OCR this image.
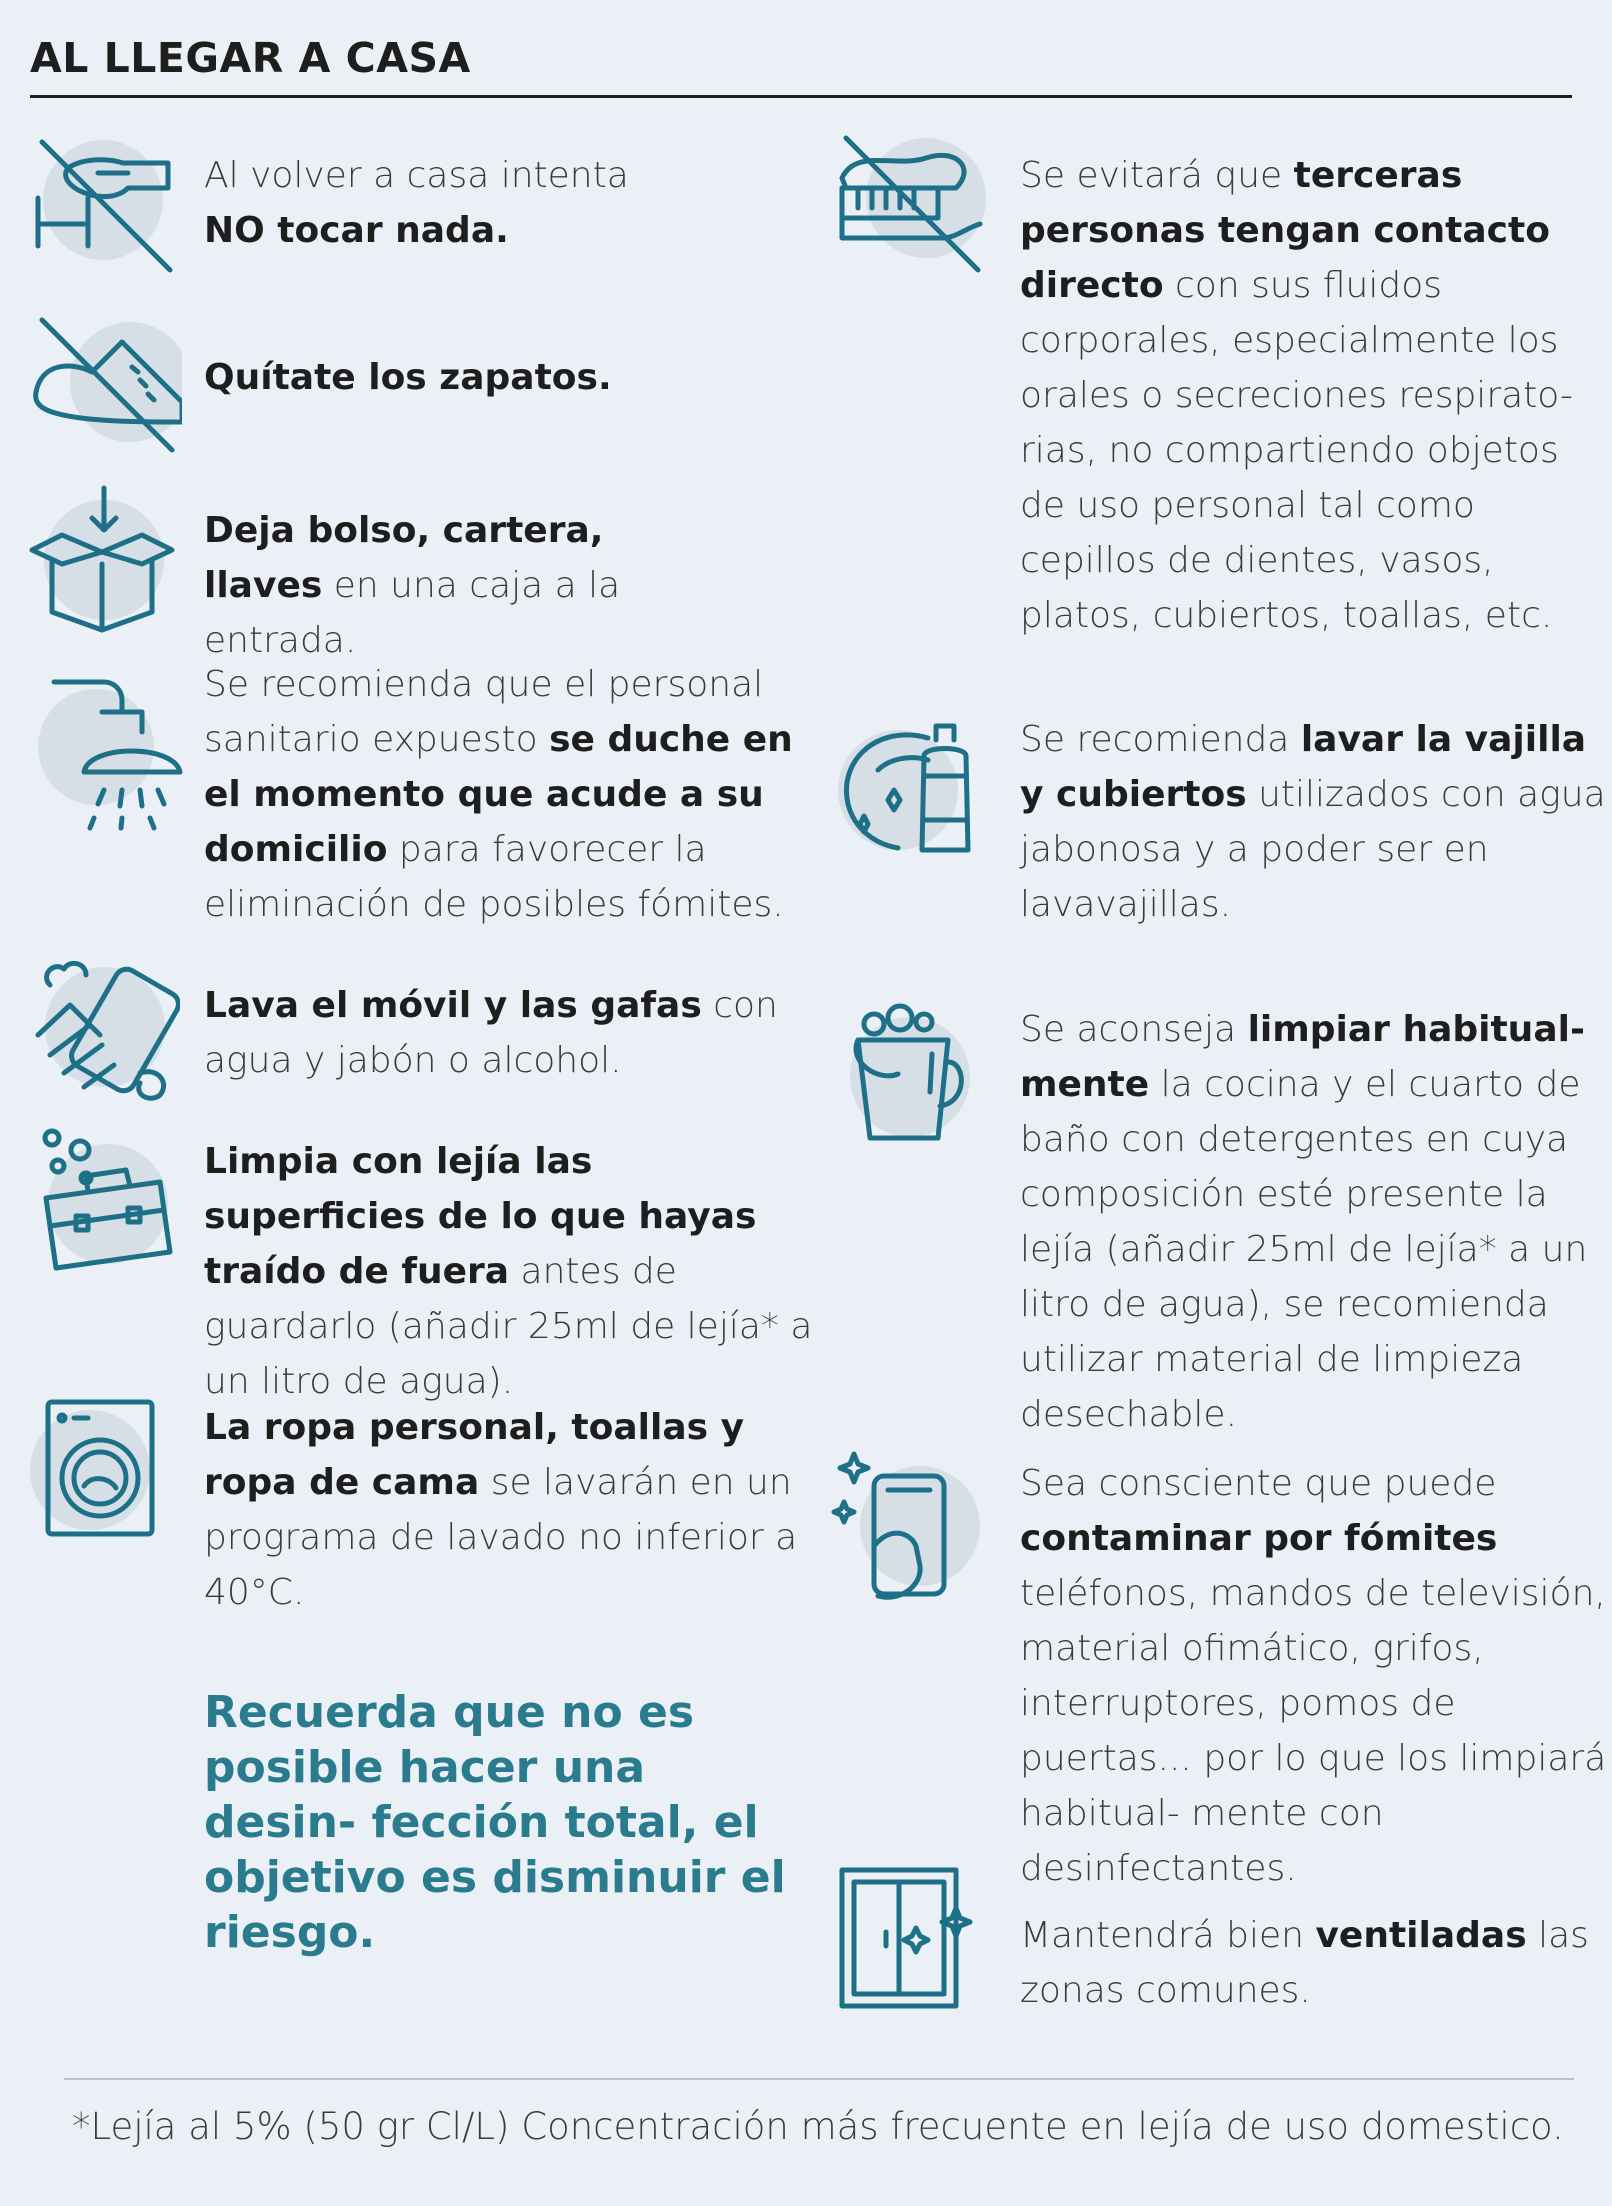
AL LLEGAR A CASA
Al volver a casa intenta NO tocar nada.
Quítate los zapatos.
Deja bolso, cartera, llaves en una caja a la entrada.
Se recomienda que el personal sanitario expuesto se duche en el momento que acude a su domicilio para favorecer la eliminación de posibles fómites.
Lava el móvil y las gafas con agua y jabón o alcohol.
Limpia con lejía las superficies de lo que hayas traído de fuera antes de guardarlo (añadir 25ml de lejía* a un litro de agua).
La ropa personal, toallas y ropa de cama se lavarán en un programa de lavado no inferior a 40°C.
Recuerda que no es posible hacer una desin- fección total, el objetivo es disminuir el riesgo.
Se evitará que terceras personas tengan contacto directo con sus fluidos corporales, especialmente los orales o secreciones respirato- rias, no compartiendo objetos de uso personal tal como cepillos de dientes, vasos, platos, cubiertos, toallas, etc.
Se recomienda lavar la vajilla y cubiertos utilizados con agua jabonosa y a poder ser en lavavajillas.
Se aconseja limpiar habitual- mente la cocina y el cuarto de baño con detergentes en cuya composición esté presente la lejía (añadir 25ml de lejía* a un litro de agua), se recomienda utilizar material de limpieza desechable.
Sea consciente que puede contaminar por fómites teléfonos, mandos de televisión, material ofimático, grifos, interruptores, pomos de puertas... por lo que los limpiará habitual- mente con desinfectantes.
Mantendrá bien ventiladas las zonas comunes.
*Lejía al 5% (50 gr Cl/L) Concentración más frecuente en lejía de uso domestico.
